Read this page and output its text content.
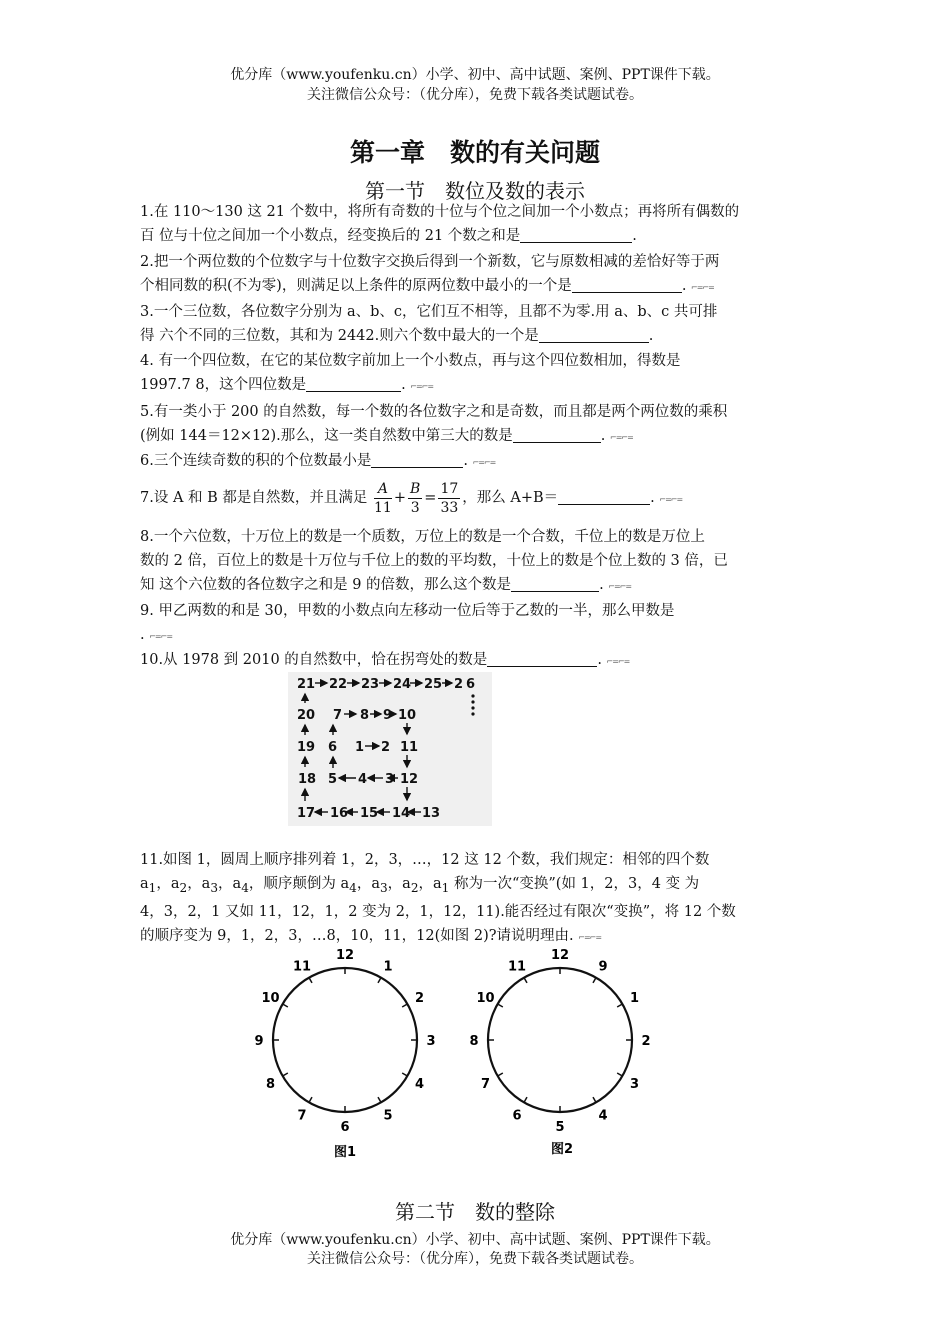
优分库（www.youfenku.cn）小学、初中、高中试题、案例、PPT课件下载。
关注微信公众号：（优分库），免费下载各类试题试卷。
第一章　数的有关问题
第一节　数位及数的表示
1.在 110～130 这 21 个数中，将所有奇数的十位与个位之间加一个小数点；再将所有偶数的
百 位与十位之间加一个小数点，经变换后的 21 个数之和是	.
2.把一个两位数的个位数字与十位数字交换后得到一个新数，它与原数相减的差恰好等于两
个相同数的积(不为零)，则满足以上条件的原两位数中最小的一个是	. ⌐=⌐=
3.一个三位数，各位数字分别为 a、b、c，它们互不相等，且都不为零.用 a、b、c 共可排
得 六个不同的三位数，其和为 2442.则六个数中最大的一个是	.
4. 有一个四位数，在它的某位数字前加上一个小数点，再与这个四位数相加，得数是
1997.7 8，这个四位数是	. ⌐=⌐=
5.有一类小于 200 的自然数，每一个数的各位数字之和是奇数，而且都是两个两位数的乘积
(例如 144＝12×12).那么，这一类自然数中第三大的数是	. ⌐=⌐=
6.三个连续奇数的积的个位数最小是	. ⌐=⌐=
7.设 A 和 B 都是自然数，并且满足 $\frac{A}{11} + \frac{B}{3} = \frac{17}{33}$ ，那么 A+B＝	. ⌐=⌐=
8.一个六位数，十万位上的数是一个质数，万位上的数是一个合数，千位上的数是万位上
数的 2 倍，百位上的数是十万位与千位上的数的平均数，十位上的数是个位上数的 3 倍，已
知 这个六位数的各位数字之和是 9 的倍数，那么这个数是	. ⌐=⌐=
9. 甲乙两数的和是 30，甲数的小数点向左移动一位后等于乙数的一半，那么甲数是
. ⌐=⌐=
10.从 1978 到 2010 的自然数中，恰在拐弯处的数是	. ⌐=⌐=
21 22 23 24 25 2 6
20 7 8 9 10
19 6 1 2 11
18 5 4 3 12
17 16 15 14 13
11.如图 1，圆周上顺序排列着 1，2，3，…，12 这 12 个数，我们规定：相邻的四个数
$a_1$，$a_2$，$a_3$，$a_4$，顺序颠倒为 $a_4$，$a_3$，$a_2$，$a_1$ 称为一次“变换”(如 1，2，3，4 变 为
4，3，2，1 又如 11，12，1，2 变为 2，1，12，11).能否经过有限次“变换”，将 12 个数
的顺序变为 9，1，2，3，…8，10，11，12(如图 2)?请说明理由. ⌐=⌐=
12
1
2
3
4
5
6
7
8
9
10
11
12
9
1
2
3
4
5
6
7
8
10
11
图1	图2
第二节　数的整除
优分库（www.youfenku.cn）小学、初中、高中试题、案例、PPT课件下载。
关注微信公众号：（优分库），免费下载各类试题试卷。
